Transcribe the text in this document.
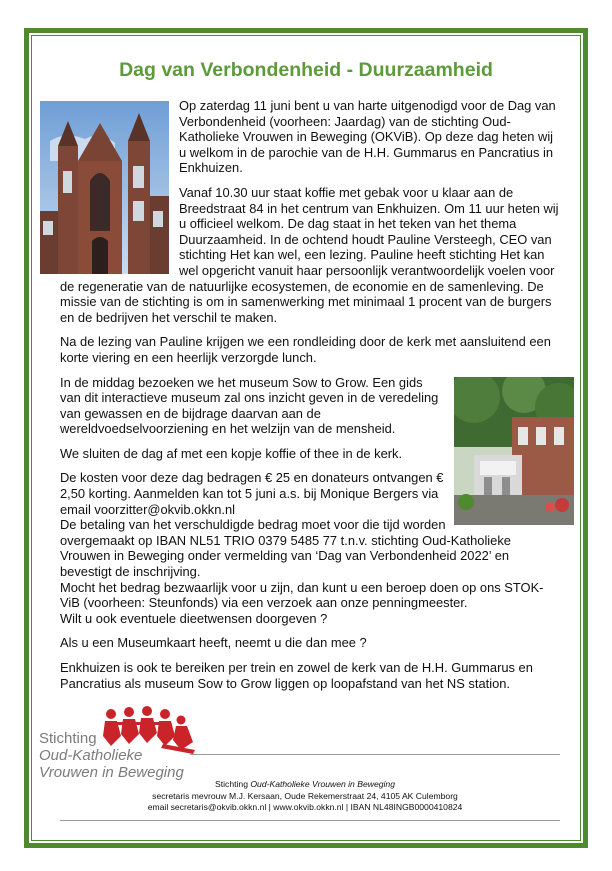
Dag van Verbondenheid - Duurzaamheid

Op zaterdag 11 juni bent u van harte uitgenodigd voor de Dag van Verbondenheid (voorheen: Jaardag) van de stichting Oud-Katholieke Vrouwen in Beweging (OKViB). Op deze dag heten wij u welkom in de parochie van de H.H. Gummarus en Pancratius in Enkhuizen.

Vanaf 10.30 uur staat koffie met gebak voor u klaar aan de Breedstraat 84 in het centrum van Enkhuizen. Om 11 uur heten wij u officieel welkom. De dag staat in het teken van het thema Duurzaamheid. In de ochtend houdt Pauline Versteegh, CEO van stichting Het kan wel, een lezing. Pauline heeft stichting Het kan wel opgericht vanuit haar persoonlijk verantwoordelijk voelen voor de regeneratie van de natuurlijke ecosystemen, de economie en de samenleving. De missie van de stichting is om in samenwerking met minimaal 1 procent van de burgers en de bedrijven het verschil te maken.

Na de lezing van Pauline krijgen we een rondleiding door de kerk met aansluitend een korte viering en een heerlijk verzorgde lunch.

In de middag bezoeken we het museum Sow to Grow. Een gids van dit interactieve museum zal ons inzicht geven in de veredeling van gewassen en de bijdrage daarvan aan de wereldvoedselvoorziening en het welzijn van de mensheid.

We sluiten de dag af met een kopje koffie of thee in de kerk.

De kosten voor deze dag bedragen € 25 en donateurs ontvangen € 2,50 korting. Aanmelden kan tot 5 juni a.s. bij Monique Bergers via email voorzitter@okvib.okkn.nl

De betaling van het verschuldigde bedrag moet voor die tijd worden overgemaakt op IBAN NL51 TRIO 0379 5485 77 t.n.v. stichting Oud-Katholieke Vrouwen in Beweging onder vermelding van ‘Dag van Verbondenheid 2022’ en bevestigt de inschrijving.

Mocht het bedrag bezwaarlijk voor u zijn, dan kunt u een beroep doen op ons STOK-ViB (voorheen: Steunfonds) via een verzoek aan onze penningmeester.

Wilt u ook eventuele dieetwensen doorgeven ?

Als u een Museumkaart heeft, neemt u die dan mee ?

Enkhuizen is ook te bereiken per trein en zowel de kerk van de H.H. Gummarus en Pancratius als museum Sow to Grow liggen op loopafstand van het NS station.

Stichting
Oud-Katholieke
Vrouwen in Beweging
Stichting Oud-Katholieke Vrouwen in Beweging
secretaris mevrouw M.J. Kersaan, Oude Rekemerstraat 24, 4105 AK Culemborg
email secretaris@okvib.okkn.nl | www.okvib.okkn.nl | IBAN NL48INGB0000410824
